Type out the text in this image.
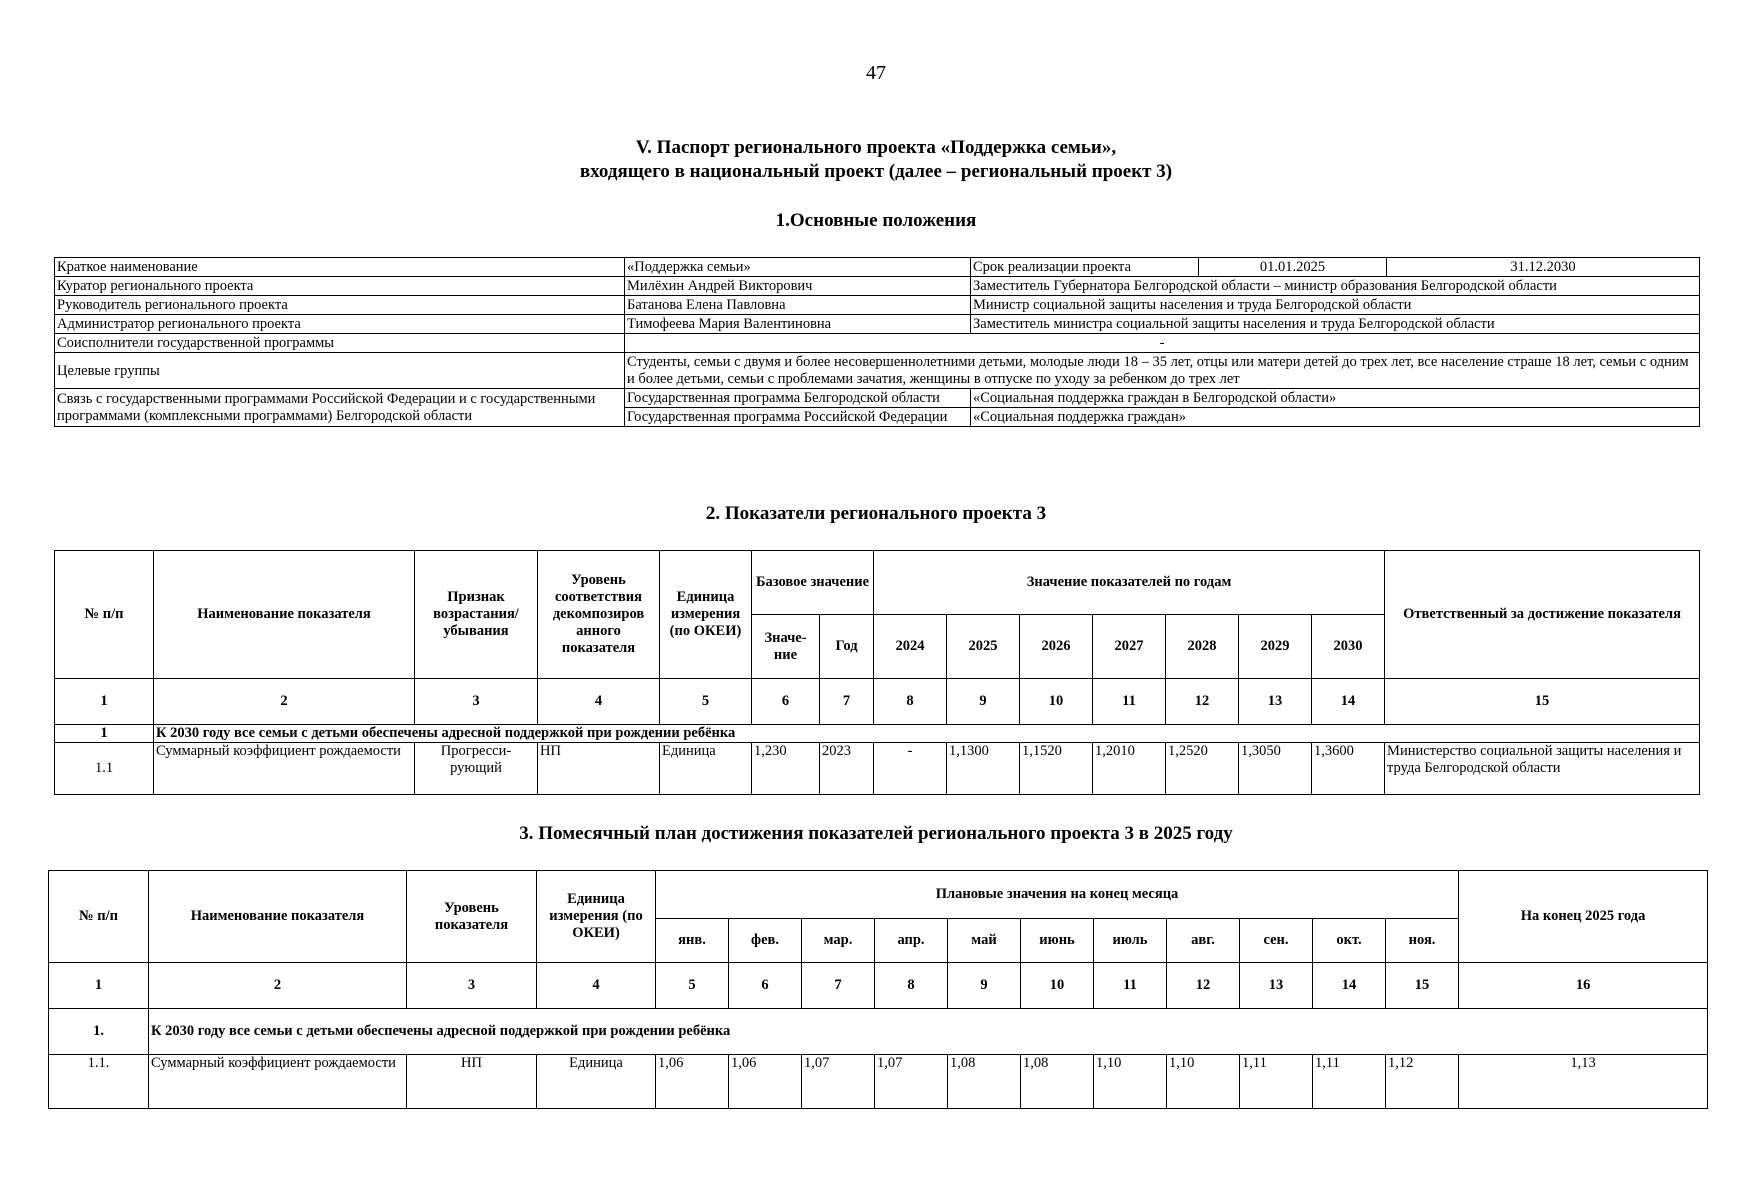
47
V. Паспорт регионального проекта «Поддержка семьи»,
входящего в национальный проект (далее – региональный проект 3)
1.Основные положения
Краткое наименование	«Поддержка семьи»	Срок реализации проекта	01.01.2025	31.12.2030
Куратор регионального проекта	Милёхин Андрей Викторович	Заместитель Губернатора Белгородской области – министр образования Белгородской области		
Руководитель регионального проекта	Батанова Елена Павловна	Министр социальной защиты населения и труда Белгородской области		
Администратор регионального проекта	Тимофеева Мария Валентиновна	Заместитель министра социальной защиты населения и труда Белгородской области		
Соисполнители государственной программы	-			
Целевые группы	Студенты, семьи с двумя и более несовершеннолетними детьми, молодые люди 18 – 35 лет, отцы или матери детей до трех лет, все население страше 18 лет, семьи с одним и более детьми, семьи с проблемами зачатия, женщины в отпуске по уходу за ребенком до трех лет			
Связь с государственными программами Российской Федерации и с государственными программами (комплексными программами) Белгородской области	Государственная программа Белгородской области	«Социальная поддержка граждан в Белгородской области»		
	Государственная программа Российской Федерации	«Социальная поддержка граждан»		
2. Показатели регионального проекта 3
№ п/п	Наименование показателя	Признак возрастания/ убывания	Уровень соответствия декомпозиров анного показателя	Единица измерения (по ОКЕИ)	Базовое значение		Значение показателей по годам							Ответственный за достижение показателя
					Значе- ние	Год	2024	2025	2026	2027	2028	2029	2030	
1	2	3	4	5	6	7	8	9	10	11	12	13	14	15
1	К 2030 году все семьи с детьми обеспечены адресной поддержкой при рождении ребёнка													
1.1	Суммарный коэффициент рождаемости	Прогресси- рующий	НП	Единица	1,230	2023	-	1,1300	1,1520	1,2010	1,2520	1,3050	1,3600	Министерство социальной защиты населения и труда Белгородской области
3. Помесячный план достижения показателей регионального проекта 3 в 2025 году
№ п/п	Наименование показателя	Уровень показателя	Единица измерения (по ОКЕИ)	Плановые значения на конец месяца											На конец 2025 года
				янв.	фев.	мар.	апр.	май	июнь	июль	авг.	сен.	окт.	ноя.	
1	2	3	4	5	6	7	8	9	10	11	12	13	14	15	16
1.	К 2030 году все семьи с детьми обеспечены адресной поддержкой при рождении ребёнка														
1.1.	Суммарный коэффициент рождаемости	НП	Единица	1,06	1,06	1,07	1,07	1,08	1,08	1,10	1,10	1,11	1,11	1,12	1,13
